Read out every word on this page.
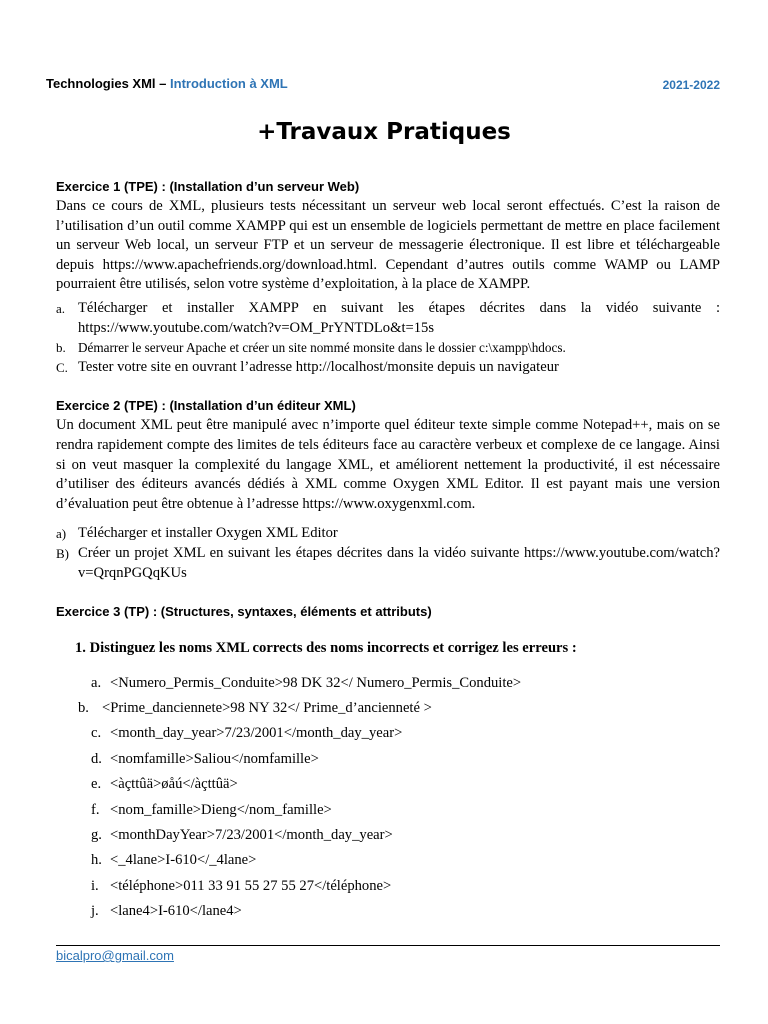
Technologies XMl – Introduction à XML	2021-2022
+Travaux Pratiques
Exercice 1 (TPE) : (Installation d’un serveur Web)
Dans ce cours de XML, plusieurs tests nécessitant un serveur web local seront effectués. C’est la raison de l’utilisation d’un outil comme XAMPP qui est un ensemble de logiciels permettant de mettre en place facilement un serveur Web local, un serveur FTP et un serveur de messagerie électronique. Il est libre et téléchargeable depuis https://www.apachefriends.org/download.html. Cependant d’autres outils comme WAMP ou LAMP pourraient être utilisés, selon votre système d’exploitation, à la place de XAMPP.
a. Télécharger et installer XAMPP en suivant les étapes décrites dans la vidéo suivante : https://www.youtube.com/watch?v=OM_PrYNTDLo&t=15s
b. Démarrer le serveur Apache et créer un site nommé monsite dans le dossier c:\xampp\hdocs.
C. Tester votre site en ouvrant l’adresse http://localhost/monsite depuis un navigateur
Exercice 2 (TPE) : (Installation d’un éditeur XML)
Un document XML peut être manipulé avec n’importe quel éditeur texte simple comme Notepad++, mais on se rendra rapidement compte des limites de tels éditeurs face au caractère verbeux et complexe de ce langage. Ainsi si on veut masquer la complexité du langage XML, et améliorent nettement la productivité, il est nécessaire d’utiliser des éditeurs avancés dédiés à XML comme Oxygen XML Editor. Il est payant mais une version d’évaluation peut être obtenue à l’adresse https://www.oxygenxml.com.
a) Télécharger et installer Oxygen XML Editor
B) Créer un projet XML en suivant les étapes décrites dans la vidéo suivante https://www.youtube.com/watch?v=QrqnPGQqKUs
Exercice 3 (TP) : (Structures, syntaxes, éléments et attributs)
1. Distinguez les noms XML corrects des noms incorrects et corrigez les erreurs :
a. <Numero_Permis_Conduite>98 DK 32</ Numero_Permis_Conduite>
b. <Prime_danciennete>98 NY 32</ Prime_d’ancienneté >
c. <month_day_year>7/23/2001</month_day_year>
d. <nomfamille>Saliou</nomfamille>
e. <àçttûä>øåú</àçttûä>
f. <nom_famille>Dieng</nom_famille>
g. <monthDayYear>7/23/2001</month_day_year>
h. <_4lane>I-610</_4lane>
i. <téléphone>011 33 91 55 27 55 27</téléphone>
j. <lane4>I-610</lane4>
bicalpro@gmail.com
